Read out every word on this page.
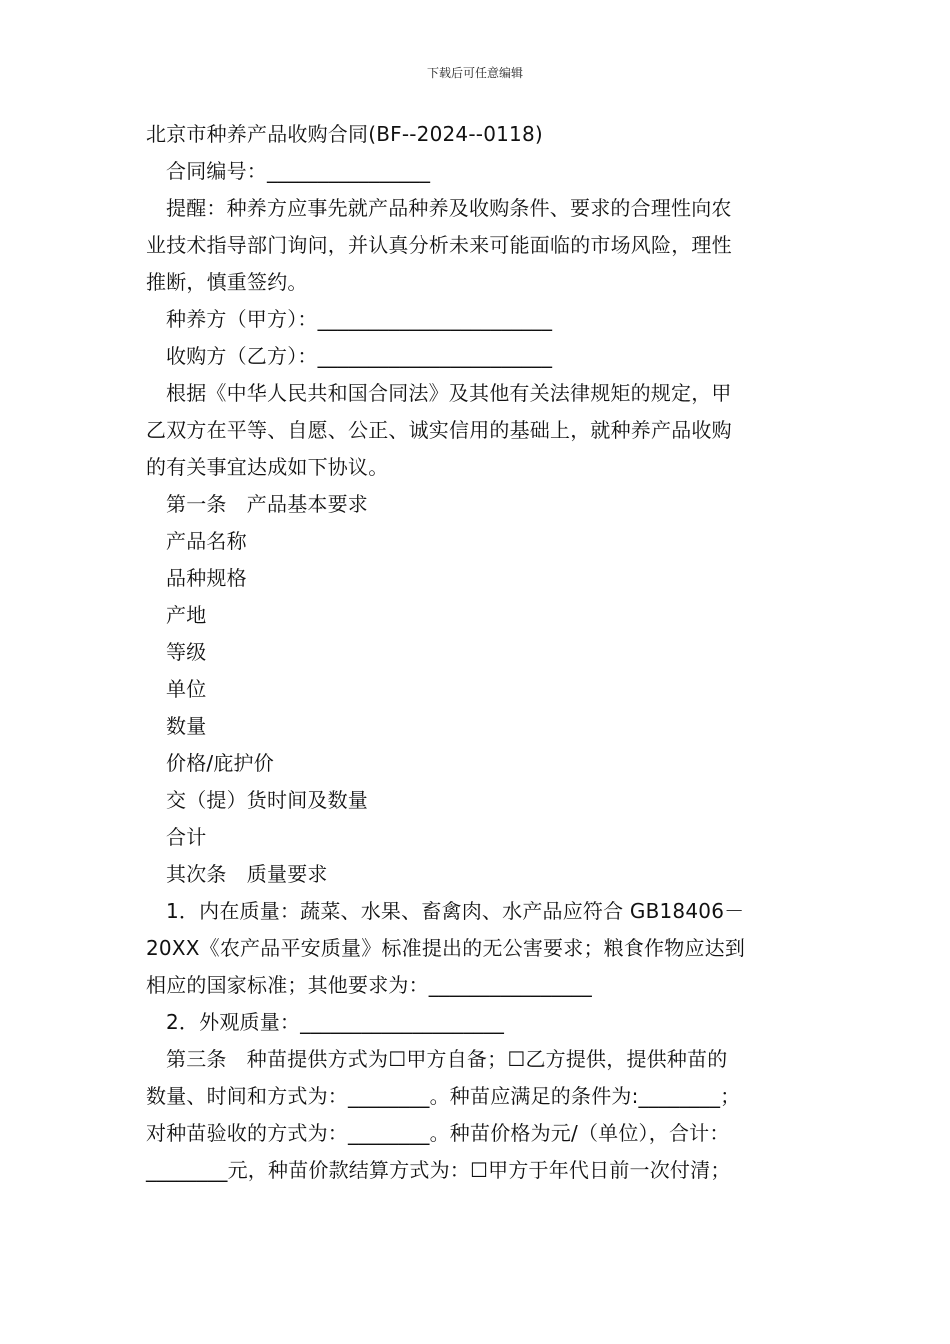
下载后可任意编辑
北京市种养产品收购合同(BF--2024--0118)
合同编号：________________
提醒：种养方应事先就产品种养及收购条件、要求的合理性向农
业技术指导部门询问，并认真分析未来可能面临的市场风险，理性
推断，慎重签约。
种养方（甲方）：_______________________
收购方（乙方）：_______________________
根据《中华人民共和国合同法》及其他有关法律规矩的规定，甲
乙双方在平等、自愿、公正、诚实信用的基础上，就种养产品收购
的有关事宜达成如下协议。
第一条　产品基本要求
产品名称
品种规格
产地
等级
单位
数量
价格/庇护价
交（提）货时间及数量
合计
其次条　质量要求
1．内在质量：蔬菜、水果、畜禽肉、水产品应符合 GB18406－
20XX《农产品平安质量》标准提出的无公害要求；粮食作物应达到
相应的国家标准；其他要求为：________________
2．外观质量：____________________
第三条　种苗提供方式为☐甲方自备；☐乙方提供，提供种苗的
数量、时间和方式为：________。种苗应满足的条件为:________；
对种苗验收的方式为：________。种苗价格为元/（单位），合计：
________元，种苗价款结算方式为：☐甲方于年代日前一次付清；
